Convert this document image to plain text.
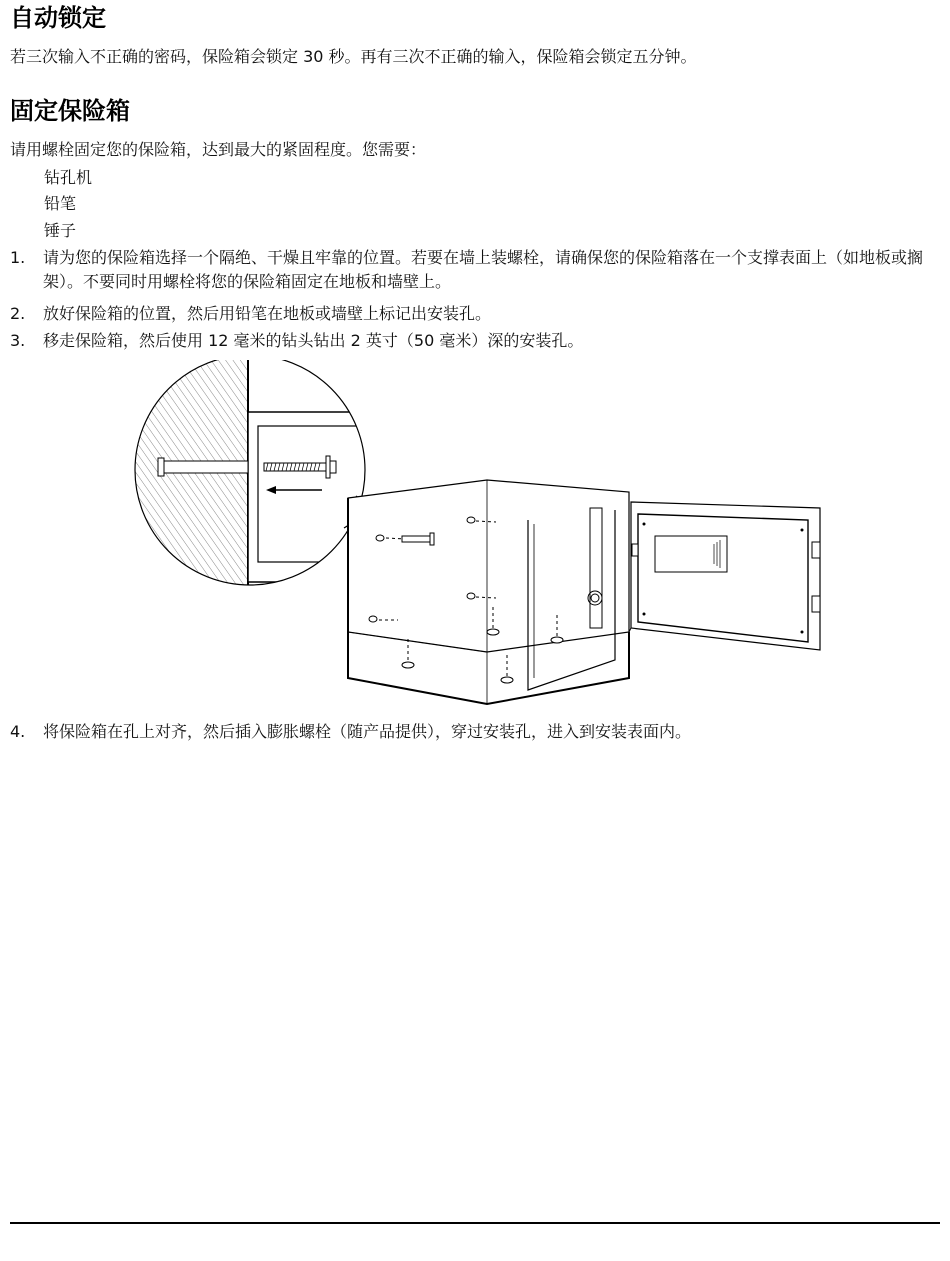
自动锁定

若三次输入不正确的密码，保险箱会锁定 30 秒。再有三次不正确的输入，保险箱会锁定五分钟。

固定保险箱

请用螺栓固定您的保险箱，达到最大的紧固程度。您需要：

钻孔机
铅笔
锤子
1.	请为您的保险箱选择一个隔绝、干燥且牢靠的位置。若要在墙上装螺栓，请确保您的保险箱落在一个支撑表面上（如地板或搁架）。不要同时用螺栓将您的保险箱固定在地板和墙壁上。
2.	放好保险箱的位置，然后用铅笔在地板或墙壁上标记出安装孔。
3.	移走保险箱，然后使用 12 毫米的钻头钻出 2 英寸（50 毫米）深的安装孔。
4.	将保险箱在孔上对齐，然后插入膨胀螺栓（随产品提供），穿过安装孔，进入到安装表面内。
